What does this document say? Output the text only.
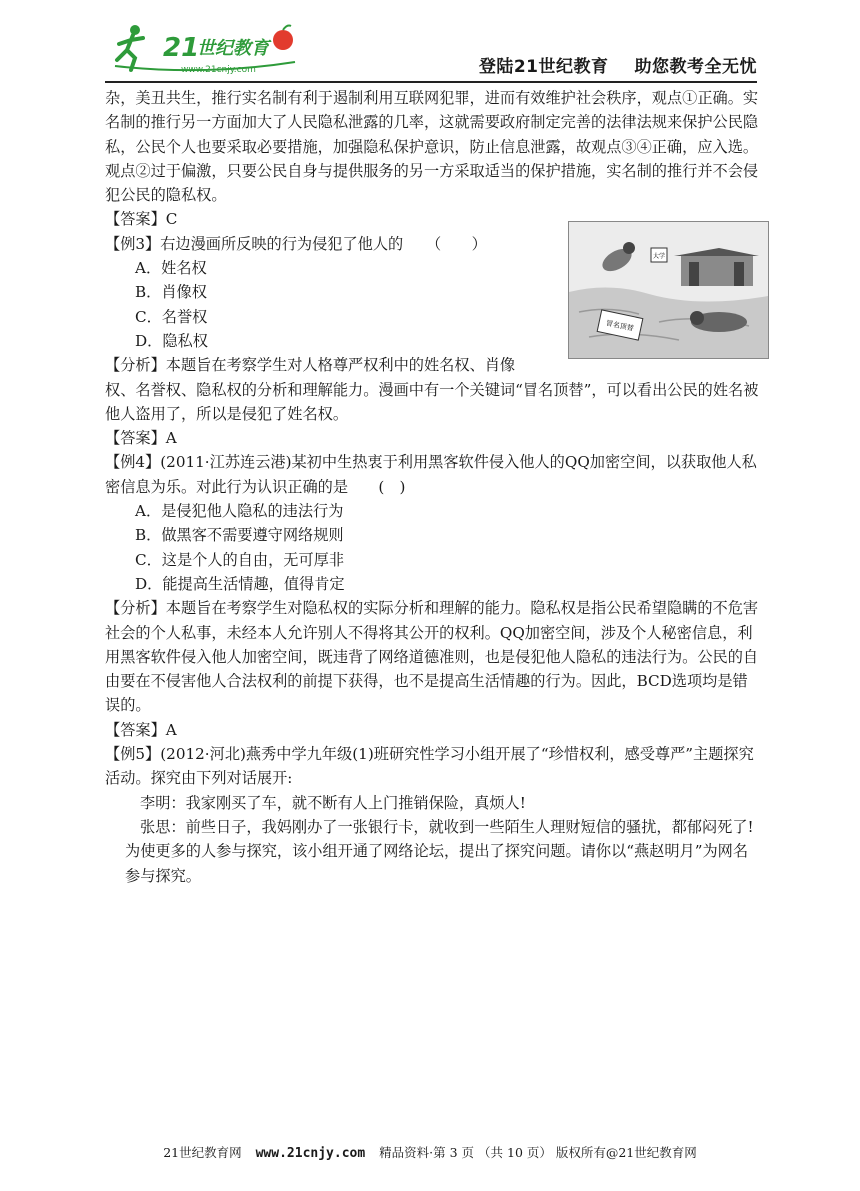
21
世纪教育
www.21cnjy.com	登陆21世纪教育 助您教考全无忧
大学
冒名顶替

杂，美丑共生，推行实名制有利于遏制利用互联网犯罪，进而有效维护社会秩序，观点①正确。实名制的推行另一方面加大了人民隐私泄露的几率，这就需要政府制定完善的法律法规来保护公民隐私，公民个人也要采取必要措施，加强隐私保护意识，防止信息泄露，故观点③④正确，应入选。观点②过于偏激，只要公民自身与提供服务的另一方采取适当的保护措施，实名制的推行并不会侵犯公民的隐私权。

【答案】C

【例3】右边漫画所反映的行为侵犯了他人的　　（　　）

A．姓名权

B．肖像权

C．名誉权

D．隐私权

【分析】本题旨在考察学生对人格尊严权利中的姓名权、肖像

权、名誉权、隐私权的分析和理解能力。漫画中有一个关键词“冒名顶替”，可以看出公民的姓名被他人盗用了，所以是侵犯了姓名权。

【答案】A

【例4】(2011·江苏连云港)某初中生热衷于利用黑客软件侵入他人的QQ加密空间，以获取他人私密信息为乐。对此行为认识正确的是　　(　)

A．是侵犯他人隐私的违法行为

B．做黑客不需要遵守网络规则

C．这是个人的自由，无可厚非

D．能提高生活情趣，值得肯定

【分析】本题旨在考察学生对隐私权的实际分析和理解的能力。隐私权是指公民希望隐瞒的不危害社会的个人私事，未经本人允许别人不得将其公开的权利。QQ加密空间，涉及个人秘密信息，利用黑客软件侵入他人加密空间，既违背了网络道德准则，也是侵犯他人隐私的违法行为。公民的自由要在不侵害他人合法权利的前提下获得，也不是提高生活情趣的行为。因此，BCD选项均是错误的。

【答案】A

【例5】(2012·河北)燕秀中学九年级(1)班研究性学习小组开展了“珍惜权利，感受尊严”主题探究活动。探究由下列对话展开:

李明：我家刚买了车，就不断有人上门推销保险，真烦人!

张思：前些日子，我妈刚办了一张银行卡，就收到一些陌生人理财短信的骚扰，都郁闷死了!

为使更多的人参与探究，该小组开通了网络论坛，提出了探究问题。请你以“燕赵明月”为网名参与探究。

21世纪教育网 www.21cnjy.com 精品资料·第 3 页 （共 10 页） 版权所有@21世纪教育网
